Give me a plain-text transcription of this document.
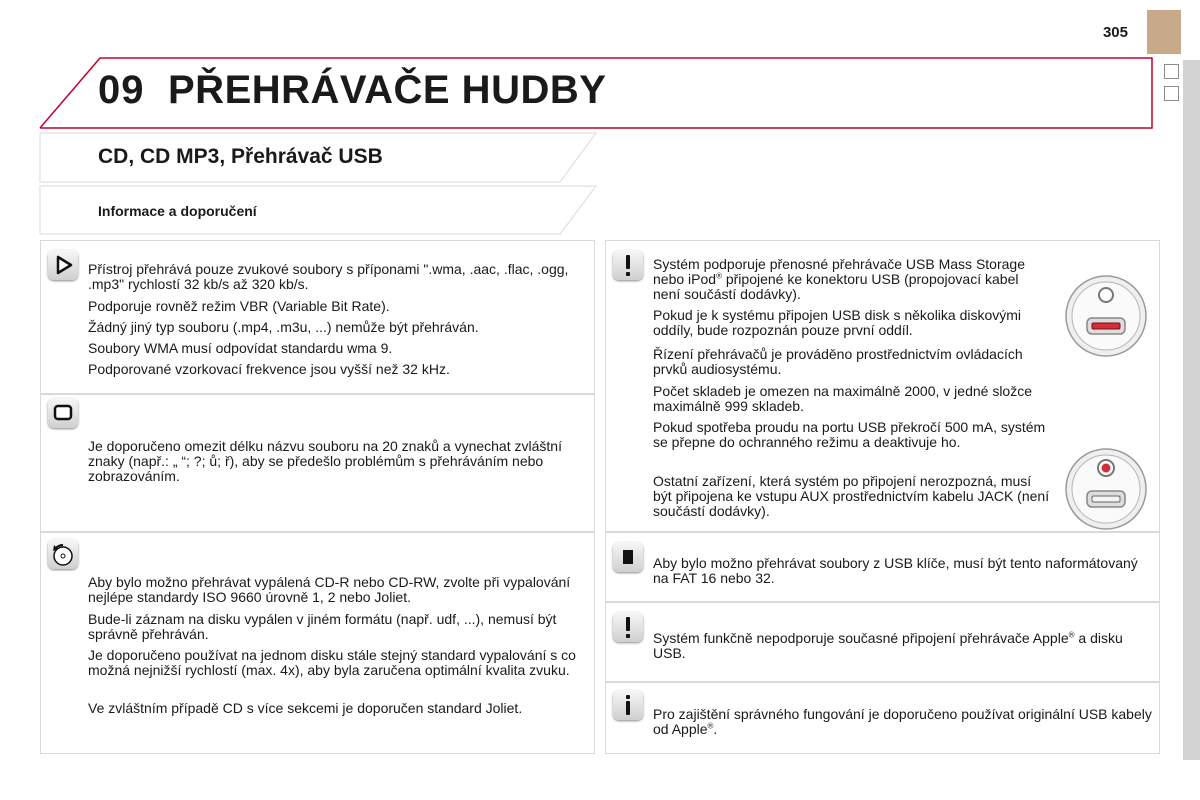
305
09 PŘEHRÁVAČE HUDBY
CD, CD MP3, Přehrávač USB
Informace a doporučení

Přístroj přehrává pouze zvukové soubory s příponami ".wma, .aac, .flac, .ogg, .mp3" rychlostí 32 kb/s až 320 kb/s.

Podporuje rovněž režim VBR (Variable Bit Rate).

Žádný jiný typ souboru (.mp4, .m3u, ...) nemůže být přehráván.

Soubory WMA musí odpovídat standardu wma 9.

Podporované vzorkovací frekvence jsou vyšší než 32 kHz.

Je doporučeno omezit délku názvu souboru na 20 znaků a vynechat zvláštní znaky (např.: „ “; ?; ů; ř), aby se předešlo problémům s přehráváním nebo zobrazováním.

Aby bylo možno přehrávat vypálená CD-R nebo CD-RW, zvolte při vypalování nejlépe standardy ISO 9660 úrovně 1, 2 nebo Joliet.

Bude-li záznam na disku vypálen v jiném formátu (např. udf, ...), nemusí být správně přehráván.

Je doporučeno používat na jednom disku stále stejný standard vypalování s co možná nejnižší rychlostí (max. 4x), aby byla zaručena optimální kvalita zvuku.

Ve zvláštním případě CD s více sekcemi je doporučen standard Joliet.

Systém podporuje přenosné přehrávače USB Mass Storage nebo iPod® připojené ke konektoru USB (propojovací kabel není součástí dodávky).

Pokud je k systému připojen USB disk s několika diskovými oddíly, bude rozpoznán pouze první oddíl.

Řízení přehrávačů je prováděno prostřednictvím ovládacích prvků audiosystému.

Počet skladeb je omezen na maximálně 2000, v jedné složce maximálně 999 skladeb.

Pokud spotřeba proudu na portu USB překročí 500 mA, systém se přepne do ochranného režimu a deaktivuje ho.

Ostatní zařízení, která systém po připojení nerozpozná, musí být připojena ke vstupu AUX prostřednictvím kabelu JACK (není součástí dodávky).

Aby bylo možno přehrávat soubory z USB klíče, musí být tento naformátovaný na FAT 16 nebo 32.

Systém funkčně nepodporuje současné připojení přehrávače Apple® a disku USB.

Pro zajištění správného fungování je doporučeno používat originální USB kabely od Apple®.
